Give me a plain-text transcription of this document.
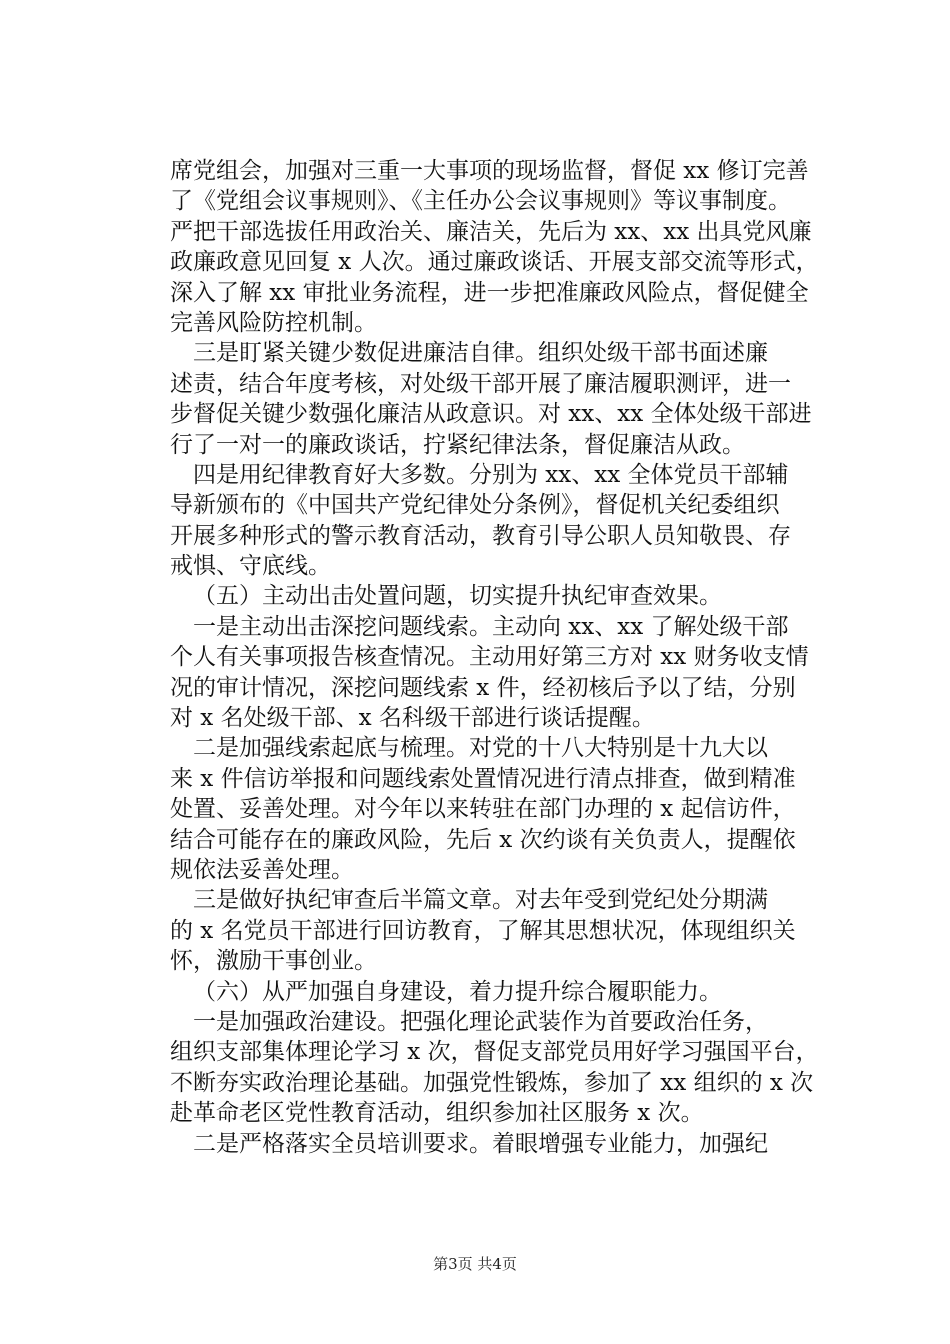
席党组会，加强对三重一大事项的现场监督，督促 xx 修订完善
了《党组会议事规则》、《主任办公会议事规则》等议事制度。
严把干部选拔任用政治关、廉洁关，先后为 xx、xx 出具党风廉
政廉政意见回复 x 人次。通过廉政谈话、开展支部交流等形式，
深入了解 xx 审批业务流程，进一步把准廉政风险点，督促健全
完善风险防控机制。
三是盯紧关键少数促进廉洁自律。组织处级干部书面述廉
述责，结合年度考核，对处级干部开展了廉洁履职测评，进一
步督促关键少数强化廉洁从政意识。对 xx、xx 全体处级干部进
行了一对一的廉政谈话，拧紧纪律法条，督促廉洁从政。
四是用纪律教育好大多数。分别为 xx、xx 全体党员干部辅
导新颁布的《中国共产党纪律处分条例》，督促机关纪委组织
开展多种形式的警示教育活动，教育引导公职人员知敬畏、存
戒惧、守底线。
（五）主动出击处置问题，切实提升执纪审查效果。
一是主动出击深挖问题线索。主动向 xx、xx 了解处级干部
个人有关事项报告核查情况。主动用好第三方对 xx 财务收支情
况的审计情况，深挖问题线索 x 件，经初核后予以了结，分别
对 x 名处级干部、x 名科级干部进行谈话提醒。
二是加强线索起底与梳理。对党的十八大特别是十九大以
来 x 件信访举报和问题线索处置情况进行清点排查，做到精准
处置、妥善处理。对今年以来转驻在部门办理的 x 起信访件，
结合可能存在的廉政风险，先后 x 次约谈有关负责人，提醒依
规依法妥善处理。
三是做好执纪审查后半篇文章。对去年受到党纪处分期满
的 x 名党员干部进行回访教育，了解其思想状况，体现组织关
怀，激励干事创业。
（六）从严加强自身建设，着力提升综合履职能力。
一是加强政治建设。把强化理论武装作为首要政治任务，
组织支部集体理论学习 x 次，督促支部党员用好学习强国平台，
不断夯实政治理论基础。加强党性锻炼，参加了 xx 组织的 x 次
赴革命老区党性教育活动，组织参加社区服务 x 次。
二是严格落实全员培训要求。着眼增强专业能力，加强纪
第3页 共4页
